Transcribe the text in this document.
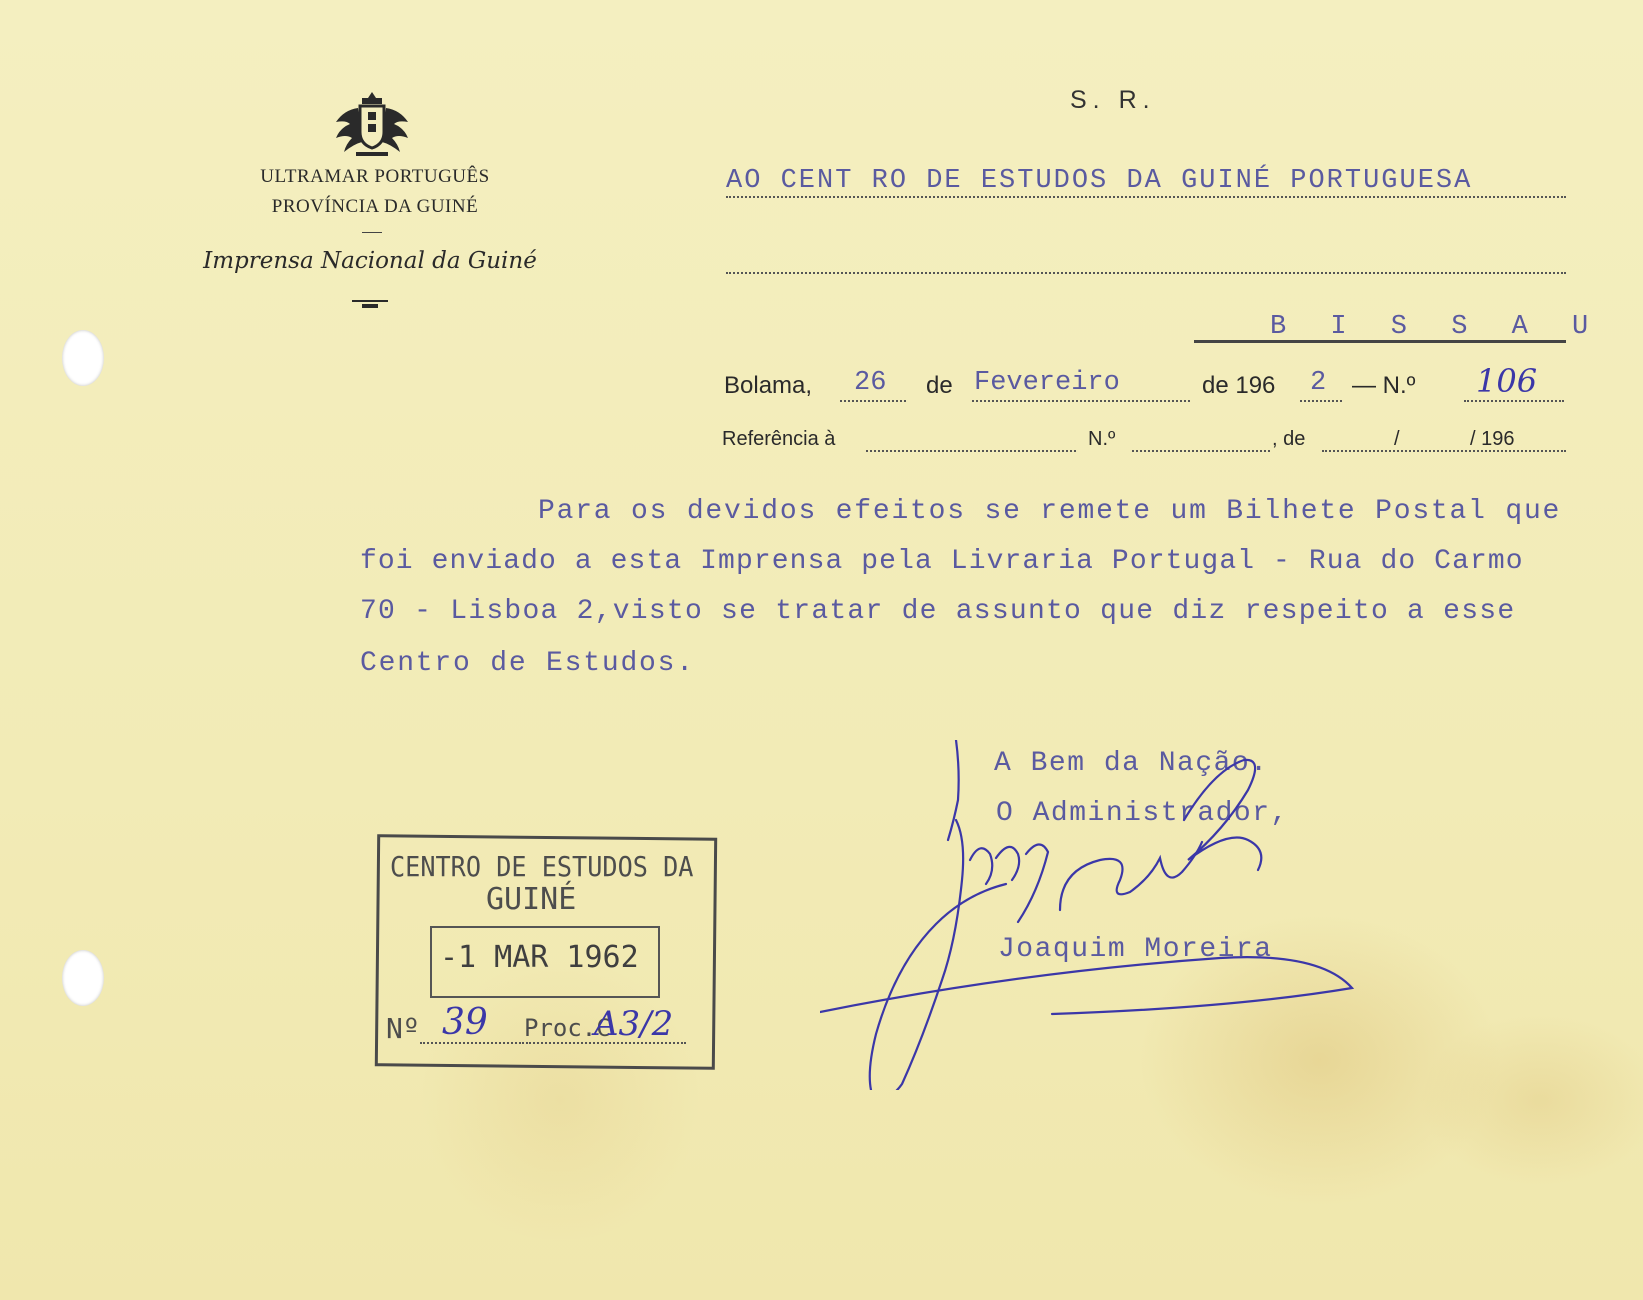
ULTRAMAR PORTUGUÊS
PROVÍNCIA DA GUINÉ
Imprensa Nacional da Guiné
S. R.
AO CENT RO DE ESTUDOS DA GUINÉ PORTUGUESA
B I S S A U
Bolama, 26 de Fevereiro	de 196 2 — N.º 106
Referência à	N.º	, de	/	/ 196
Para os devidos efeitos se remete um Bilhete Postal que
foi enviado a esta Imprensa pela Livraria Portugal - Rua do Carmo
70 - Lisboa 2,visto se tratar de assunto que diz respeito a esse
Centro de Estudos.
A Bem da Nação.
O Administrador,
Joaquim Moreira
CENTRO DE ESTUDOS DA
GUINÉ
-1 MAR 1962
Nº 39 Proc.C
A3/2
